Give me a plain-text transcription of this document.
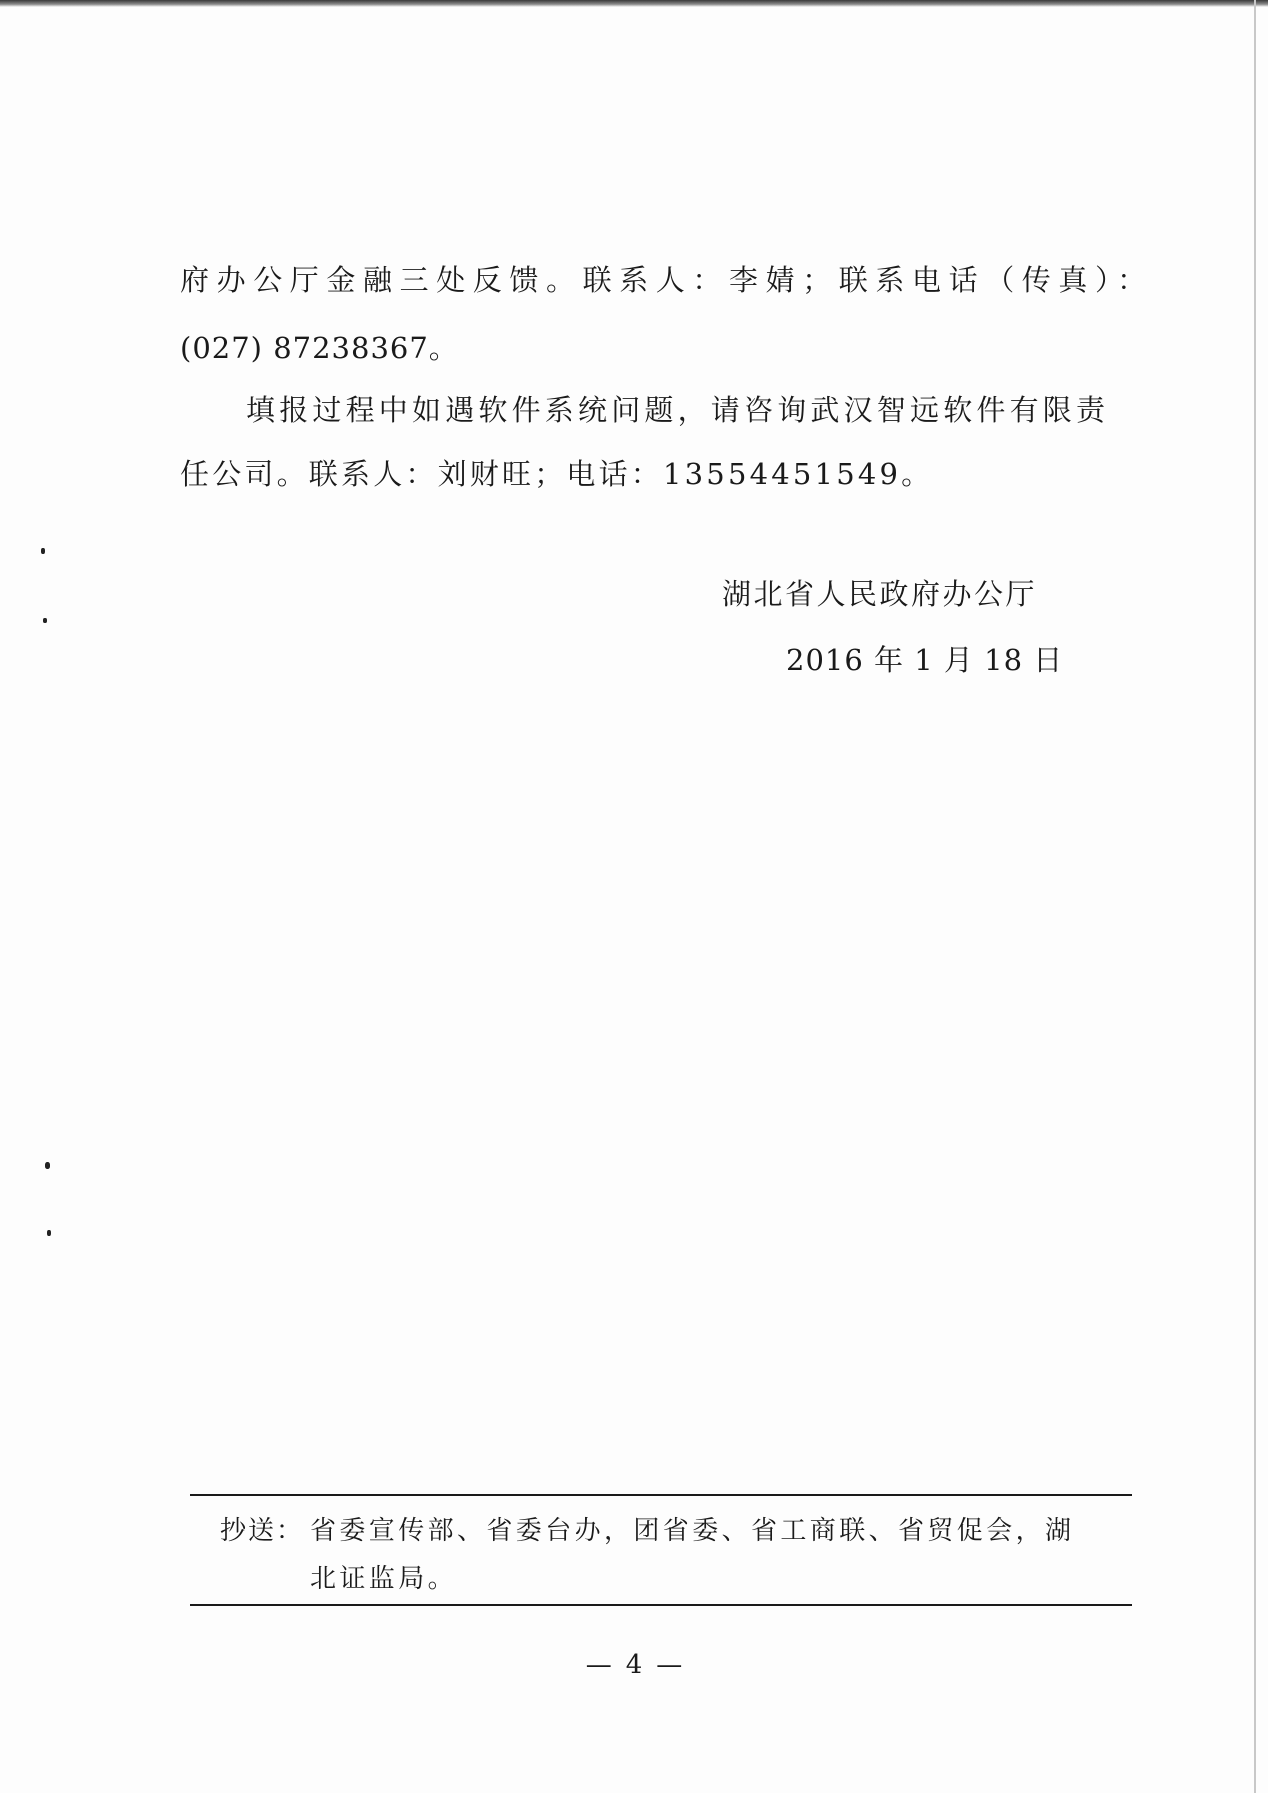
府办公厅金融三处反馈。联系人：李婧；联系电话（传真）：
(027) 87238367。
填报过程中如遇软件系统问题，请咨询武汉智远软件有限责
任公司。联系人：刘财旺；电话：13554451549。
湖北省人民政府办公厅
2016 年 1 月 18 日
抄送： 省委宣传部、省委台办，团省委、省工商联、省贸促会，湖
北证监局。
— 4 —
